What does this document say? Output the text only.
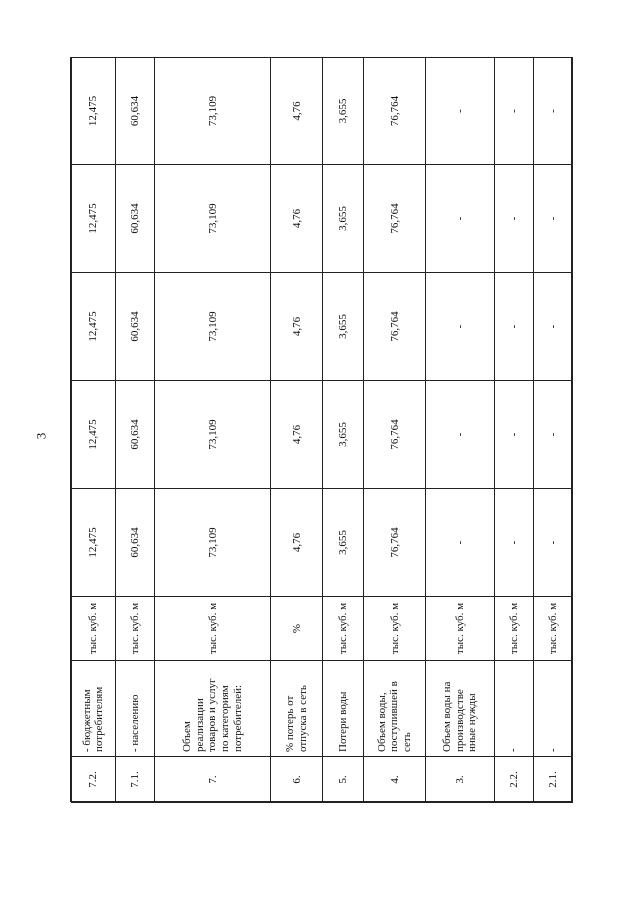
3
7.2.	- бюджетным потребителям	тыс. куб. м	12,475	12,475	12,475	12,475	12,475
7.1.	- населению	тыс. куб. м	60,634	60,634	60,634	60,634	60,634
7.	Объем реализации товаров и услуг по категориям потребителей:	тыс. куб. м	73,109	73,109	73,109	73,109	73,109
6.	% потерь от отпуска в сеть	%	4,76	4,76	4,76	4,76	4,76
5.	Потери воды	тыс. куб. м	3,655	3,655	3,655	3,655	3,655
4.	Объем воды, поступившей в сеть	тыс. куб. м	76,764	76,764	76,764	76,764	76,764
3.	Объем воды на производстве нные нужды	тыс. куб. м	-	-	-	-	-
2.2.	-	тыс. куб. м	-	-	-	-	-
2.1.	-	тыс. куб. м	-	-	-	-	-
